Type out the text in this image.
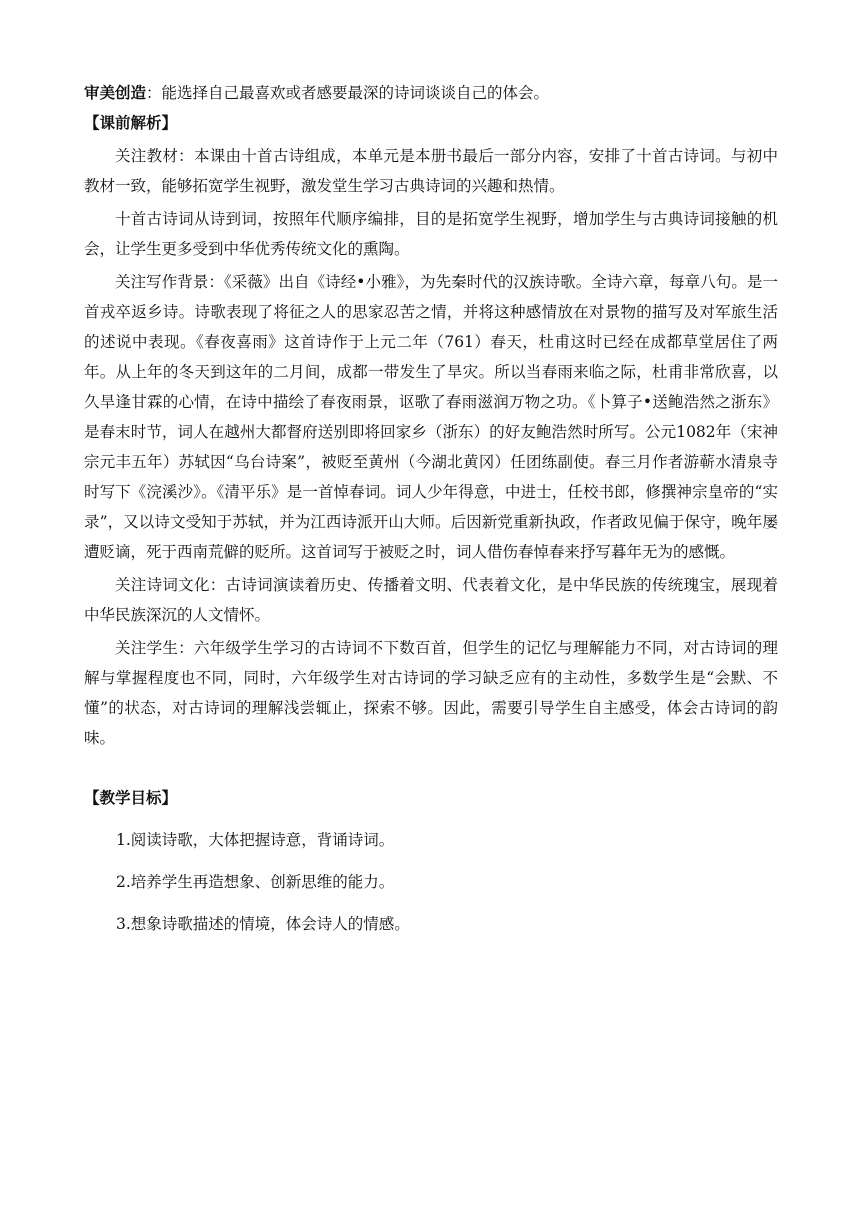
审美创造：能选择自己最喜欢或者感要最深的诗词谈谈自己的体会。

【课前解析】

关注教材：本课由十首古诗组成，本单元是本册书最后一部分内容，安排了十首古诗词。与初中教材一致，能够拓宽学生视野，激发堂生学习古典诗词的兴趣和热情。

十首古诗词从诗到词，按照年代顺序编排，目的是拓宽学生视野，增加学生与古典诗词接触的机会，让学生更多受到中华优秀传统文化的熏陶。

关注写作背景：《采薇》出自《诗经•小雅》，为先秦时代的汉族诗歌。全诗六章，每章八句。是一首戎卒返乡诗。诗歌表现了将征之人的思家忍苦之情，并将这种感情放在对景物的描写及对军旅生活的述说中表现。《春夜喜雨》这首诗作于上元二年（761）春天，杜甫这时已经在成都草堂居住了两年。从上年的冬天到这年的二月间，成都一带发生了旱灾。所以当春雨来临之际，杜甫非常欣喜，以久旱逢甘霖的心情，在诗中描绘了春夜雨景，讴歌了春雨滋润万物之功。《卜算子•送鲍浩然之浙东》是春末时节，词人在越州大都督府送别即将回家乡（浙东）的好友鲍浩然时所写。公元1082年（宋神宗元丰五年）苏轼因“乌台诗案”，被贬至黄州（今湖北黄冈）任团练副使。春三月作者游蕲水清泉寺时写下《浣溪沙》。《清平乐》是一首悼春词。词人少年得意，中进士，任校书郎，修撰神宗皇帝的“实录”，又以诗文受知于苏轼，并为江西诗派开山大师。后因新党重新执政，作者政见偏于保守，晚年屡遭贬谪，死于西南荒僻的贬所。这首词写于被贬之时，词人借伤春悼春来抒写暮年无为的感慨。

关注诗词文化：古诗词演读着历史、传播着文明、代表着文化，是中华民族的传统瑰宝，展现着中华民族深沉的人文情怀。

关注学生：六年级学生学习的古诗词不下数百首，但学生的记忆与理解能力不同，对古诗词的理解与掌握程度也不同，同时，六年级学生对古诗词的学习缺乏应有的主动性，多数学生是“会默、不懂”的状态，对古诗词的理解浅尝辄止，探索不够。因此，需要引导学生自主感受，体会古诗词的韵味。

【教学目标】

1.阅读诗歌，大体把握诗意，背诵诗词。

2.培养学生再造想象、创新思维的能力。

3.想象诗歌描述的情境，体会诗人的情感。
